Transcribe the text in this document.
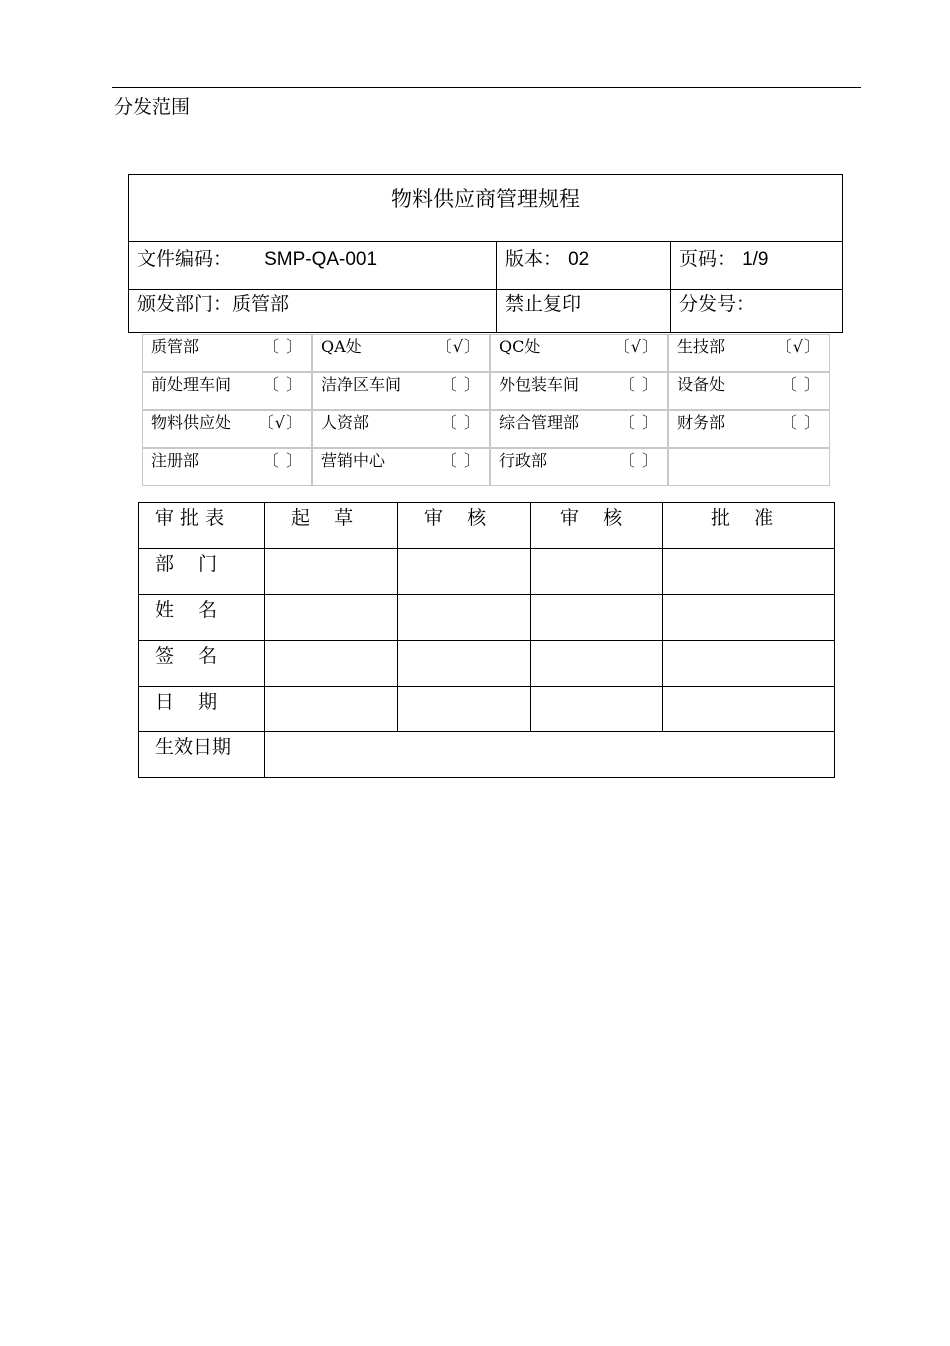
分发范围
物料供应商管理规程
文件编码： SMP-QA-001	版本： 02	页码： 1/9
颁发部门：质管部	禁止复印	分发号：
质管部	〔 〕 QA处	〔√〕 QC处	〔√〕 生技部	〔√〕
前处理车间 〔 〕 洁净区车间 〔 〕 外包装车间 〔 〕 设备处	〔 〕
物料供应处 〔√〕 人资部	〔 〕 综合管理部 〔 〕 财务部	〔 〕
注册部	〔 〕 营销中心	〔 〕 行政部	〔 〕
审 批 表	起    草	审    核	审    核	批    准
部    门
姓    名
签    名
日    期
生效日期
